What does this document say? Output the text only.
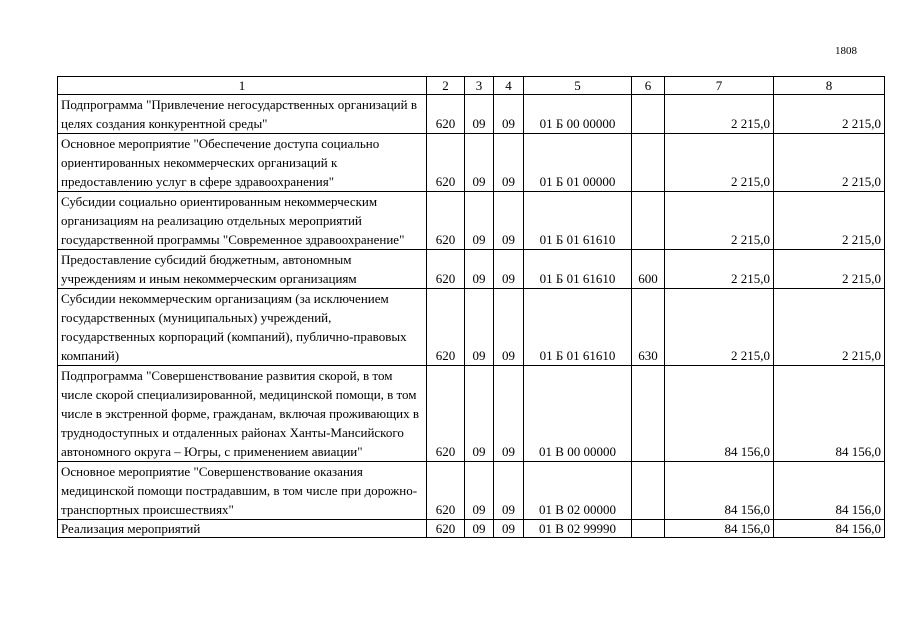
1808
1	2	3	4	5	6	7	8
Подпрограмма "Привлечение негосударственных организаций в целях создания конкурентной среды"	620	09	09	01 Б 00 00000		2 215,0	2 215,0
Основное мероприятие "Обеспечение доступа социально ориентированных некоммерческих организаций к предоставлению услуг в сфере здравоохранения"	620	09	09	01 Б 01 00000		2 215,0	2 215,0
Субсидии социально ориентированным некоммерческим организациям на реализацию отдельных мероприятий государственной программы "Современное здравоохранение"	620	09	09	01 Б 01 61610		2 215,0	2 215,0
Предоставление субсидий бюджетным, автономным учреждениям и иным некоммерческим организациям	620	09	09	01 Б 01 61610	600	2 215,0	2 215,0
Субсидии некоммерческим организациям (за исключением государственных (муниципальных) учреждений, государственных корпораций (компаний), публично-правовых компаний)	620	09	09	01 Б 01 61610	630	2 215,0	2 215,0
Подпрограмма "Совершенствование развития скорой, в том числе скорой специализированной, медицинской помощи, в том числе в экстренной форме, гражданам, включая проживающих в труднодоступных и отдаленных районах Ханты-Мансийского автономного округа – Югры, с применением авиации"	620	09	09	01 В 00 00000		84 156,0	84 156,0
Основное мероприятие "Совершенствование оказания медицинской помощи пострадавшим, в том числе при дорожно-транспортных происшествиях"	620	09	09	01 В 02 00000		84 156,0	84 156,0
Реализация мероприятий	620	09	09	01 В 02 99990		84 156,0	84 156,0
